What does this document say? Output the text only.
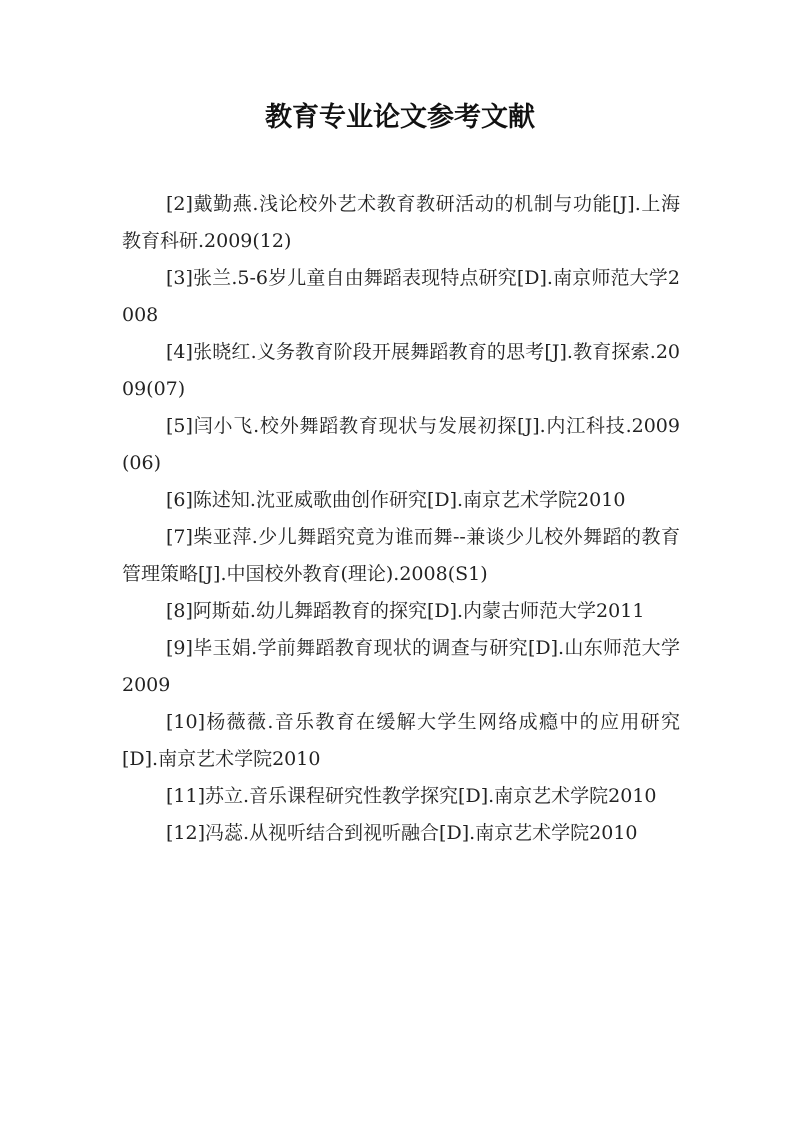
教育专业论文参考文献

[2]戴勤燕.浅论校外艺术教育教研活动的机制与功能[J].上海教育科研.2009(12)

[3]张兰.5-6岁儿童自由舞蹈表现特点研究[D].南京师范大学2008

[4]张晓红.义务教育阶段开展舞蹈教育的思考[J].教育探索.2009(07)

[5]闫小飞.校外舞蹈教育现状与发展初探[J].内江科技.2009(06)

[6]陈述知.沈亚威歌曲创作研究[D].南京艺术学院2010

[7]柴亚萍.少儿舞蹈究竟为谁而舞--兼谈少儿校外舞蹈的教育管理策略[J].中国校外教育(理论).2008(S1)

[8]阿斯茹.幼儿舞蹈教育的探究[D].内蒙古师范大学2011

[9]毕玉娟.学前舞蹈教育现状的调查与研究[D].山东师范大学2009

[10]杨薇薇.音乐教育在缓解大学生网络成瘾中的应用研究[D].南京艺术学院2010

[11]苏立.音乐课程研究性教学探究[D].南京艺术学院2010

[12]冯蕊.从视听结合到视听融合[D].南京艺术学院2010
